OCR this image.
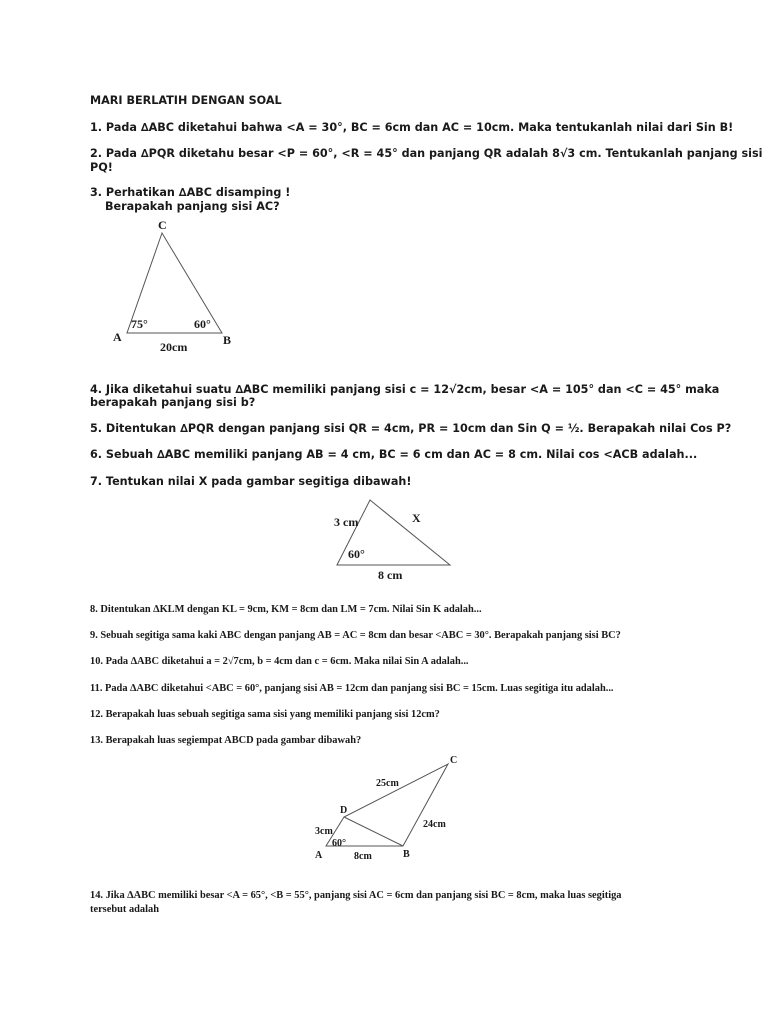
MARI BERLATIH DENGAN SOAL
1. Pada ∆ABC diketahui bahwa <A = 30°, BC = 6cm dan AC = 10cm. Maka tentukanlah nilai dari Sin B!
2. Pada ∆PQR diketahu besar <P = 60°, <R = 45° dan panjang QR adalah 8√3 cm. Tentukanlah panjang sisi
PQ!
3. Perhatikan ∆ABC disamping !
Berapakah panjang sisi AC?
C
A	B
75°	60°
20cm
4. Jika diketahui suatu ∆ABC memiliki panjang sisi c = 12√2cm, besar <A = 105° dan <C = 45° maka
berapakah panjang sisi b?
5. Ditentukan ∆PQR dengan panjang sisi QR = 4cm, PR = 10cm dan Sin Q = ½. Berapakah nilai Cos P?
6. Sebuah ∆ABC memiliki panjang AB = 4 cm, BC = 6 cm dan AC = 8 cm. Nilai cos <ACB adalah...
7. Tentukan nilai X pada gambar segitiga dibawah!
3 cm	X
60°
8 cm
8. Ditentukan ∆KLM dengan KL = 9cm, KM = 8cm dan LM = 7cm. Nilai Sin K adalah...
9. Sebuah segitiga sama kaki ABC dengan panjang AB = AC = 8cm dan besar <ABC = 30°. Berapakah panjang sisi BC?
10. Pada ∆ABC diketahui a = 2√7cm, b = 4cm dan c = 6cm. Maka nilai Sin A adalah...
11. Pada ∆ABC diketahui <ABC = 60°, panjang sisi AB = 12cm dan panjang sisi BC = 15cm. Luas segitiga itu adalah...
12. Berapakah luas sebuah segitiga sama sisi yang memiliki panjang sisi 12cm?
13. Berapakah luas segiempat ABCD pada gambar dibawah?
C
D
A	B
25cm
24cm
3cm
60°
8cm
14. Jika ∆ABC memiliki besar <A = 65°, <B = 55°, panjang sisi AC = 6cm dan panjang sisi BC = 8cm, maka luas segitiga
tersebut adalah
